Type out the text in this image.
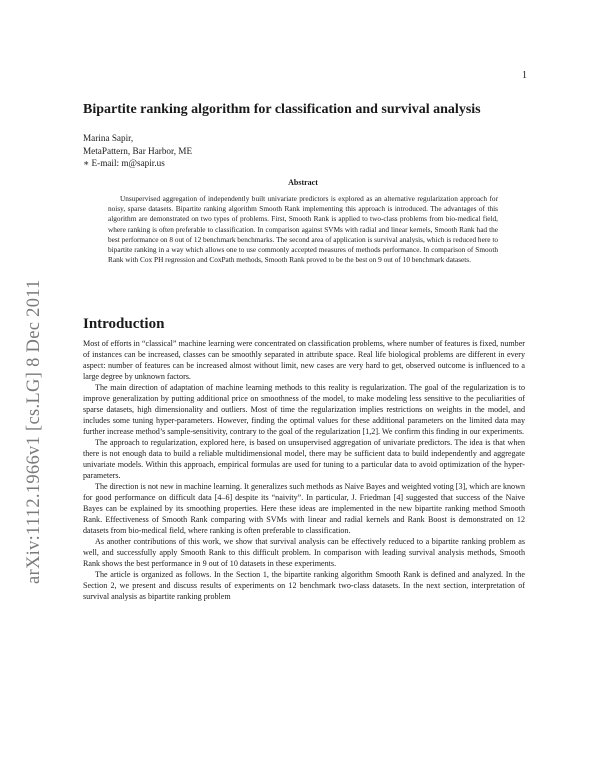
1
arXiv:1112.1966v1 [cs.LG] 8 Dec 2011
Bipartite ranking algorithm for classification and survival analysis
Marina Sapir,
MetaPattern, Bar Harbor, ME
∗ E-mail: m@sapir.us
Abstract

Unsupervised aggregation of independently built univariate predictors is explored as an alternative regularization approach for noisy, sparse datasets. Bipartite ranking algorithm Smooth Rank implementing this approach is introduced. The advantages of this algorithm are demonstrated on two types of problems. First, Smooth Rank is applied to two-class problems from bio-medical field, where ranking is often preferable to classification. In comparison against SVMs with radial and linear kernels, Smooth Rank had the best performance on 8 out of 12 benchmark benchmarks. The second area of application is survival analysis, which is reduced here to bipartite ranking in a way which allows one to use commonly accepted measures of methods performance. In comparison of Smooth Rank with Cox PH regression and CoxPath methods, Smooth Rank proved to be the best on 9 out of 10 benchmark datasets.

Introduction

Most of efforts in “classical” machine learning were concentrated on classification problems, where number of features is fixed, number of instances can be increased, classes can be smoothly separated in attribute space. Real life biological problems are different in every aspect: number of features can be increased almost without limit, new cases are very hard to get, observed outcome is influenced to a large degree by unknown factors.

The main direction of adaptation of machine learning methods to this reality is regularization. The goal of the regularization is to improve generalization by putting additional price on smoothness of the model, to make modeling less sensitive to the peculiarities of sparse datasets, high dimensionality and outliers. Most of time the regularization implies restrictions on weights in the model, and includes some tuning hyper-parameters. However, finding the optimal values for these additional parameters on the limited data may further increase method’s sample-sensitivity, contrary to the goal of the regularization [1,2]. We confirm this finding in our experiments.

The approach to regularization, explored here, is based on unsupervised aggregation of univariate predictors. The idea is that when there is not enough data to build a reliable multidimensional model, there may be sufficient data to build independently and aggregate univariate models. Within this approach, empirical formulas are used for tuning to a particular data to avoid optimization of the hyper-parameters.

The direction is not new in machine learning. It generalizes such methods as Naive Bayes and weighted voting [3], which are known for good performance on difficult data [4–6] despite its “naivity”. In particular, J. Friedman [4] suggested that success of the Naive Bayes can be explained by its smoothing properties. Here these ideas are implemented in the new bipartite ranking method Smooth Rank. Effectiveness of Smooth Rank comparing with SVMs with linear and radial kernels and Rank Boost is demonstrated on 12 datasets from bio-medical field, where ranking is often preferable to classification.

As another contributions of this work, we show that survival analysis can be effectively reduced to a bipartite ranking problem as well, and successfully apply Smooth Rank to this difficult problem. In comparison with leading survival analysis methods, Smooth Rank shows the best performance in 9 out of 10 datasets in these experiments.

The article is organized as follows. In the Section 1, the bipartite ranking algorithm Smooth Rank is defined and analyzed. In the Section 2, we present and discuss results of experiments on 12 benchmark two-class datasets. In the next section, interpretation of survival analysis as bipartite ranking problem
